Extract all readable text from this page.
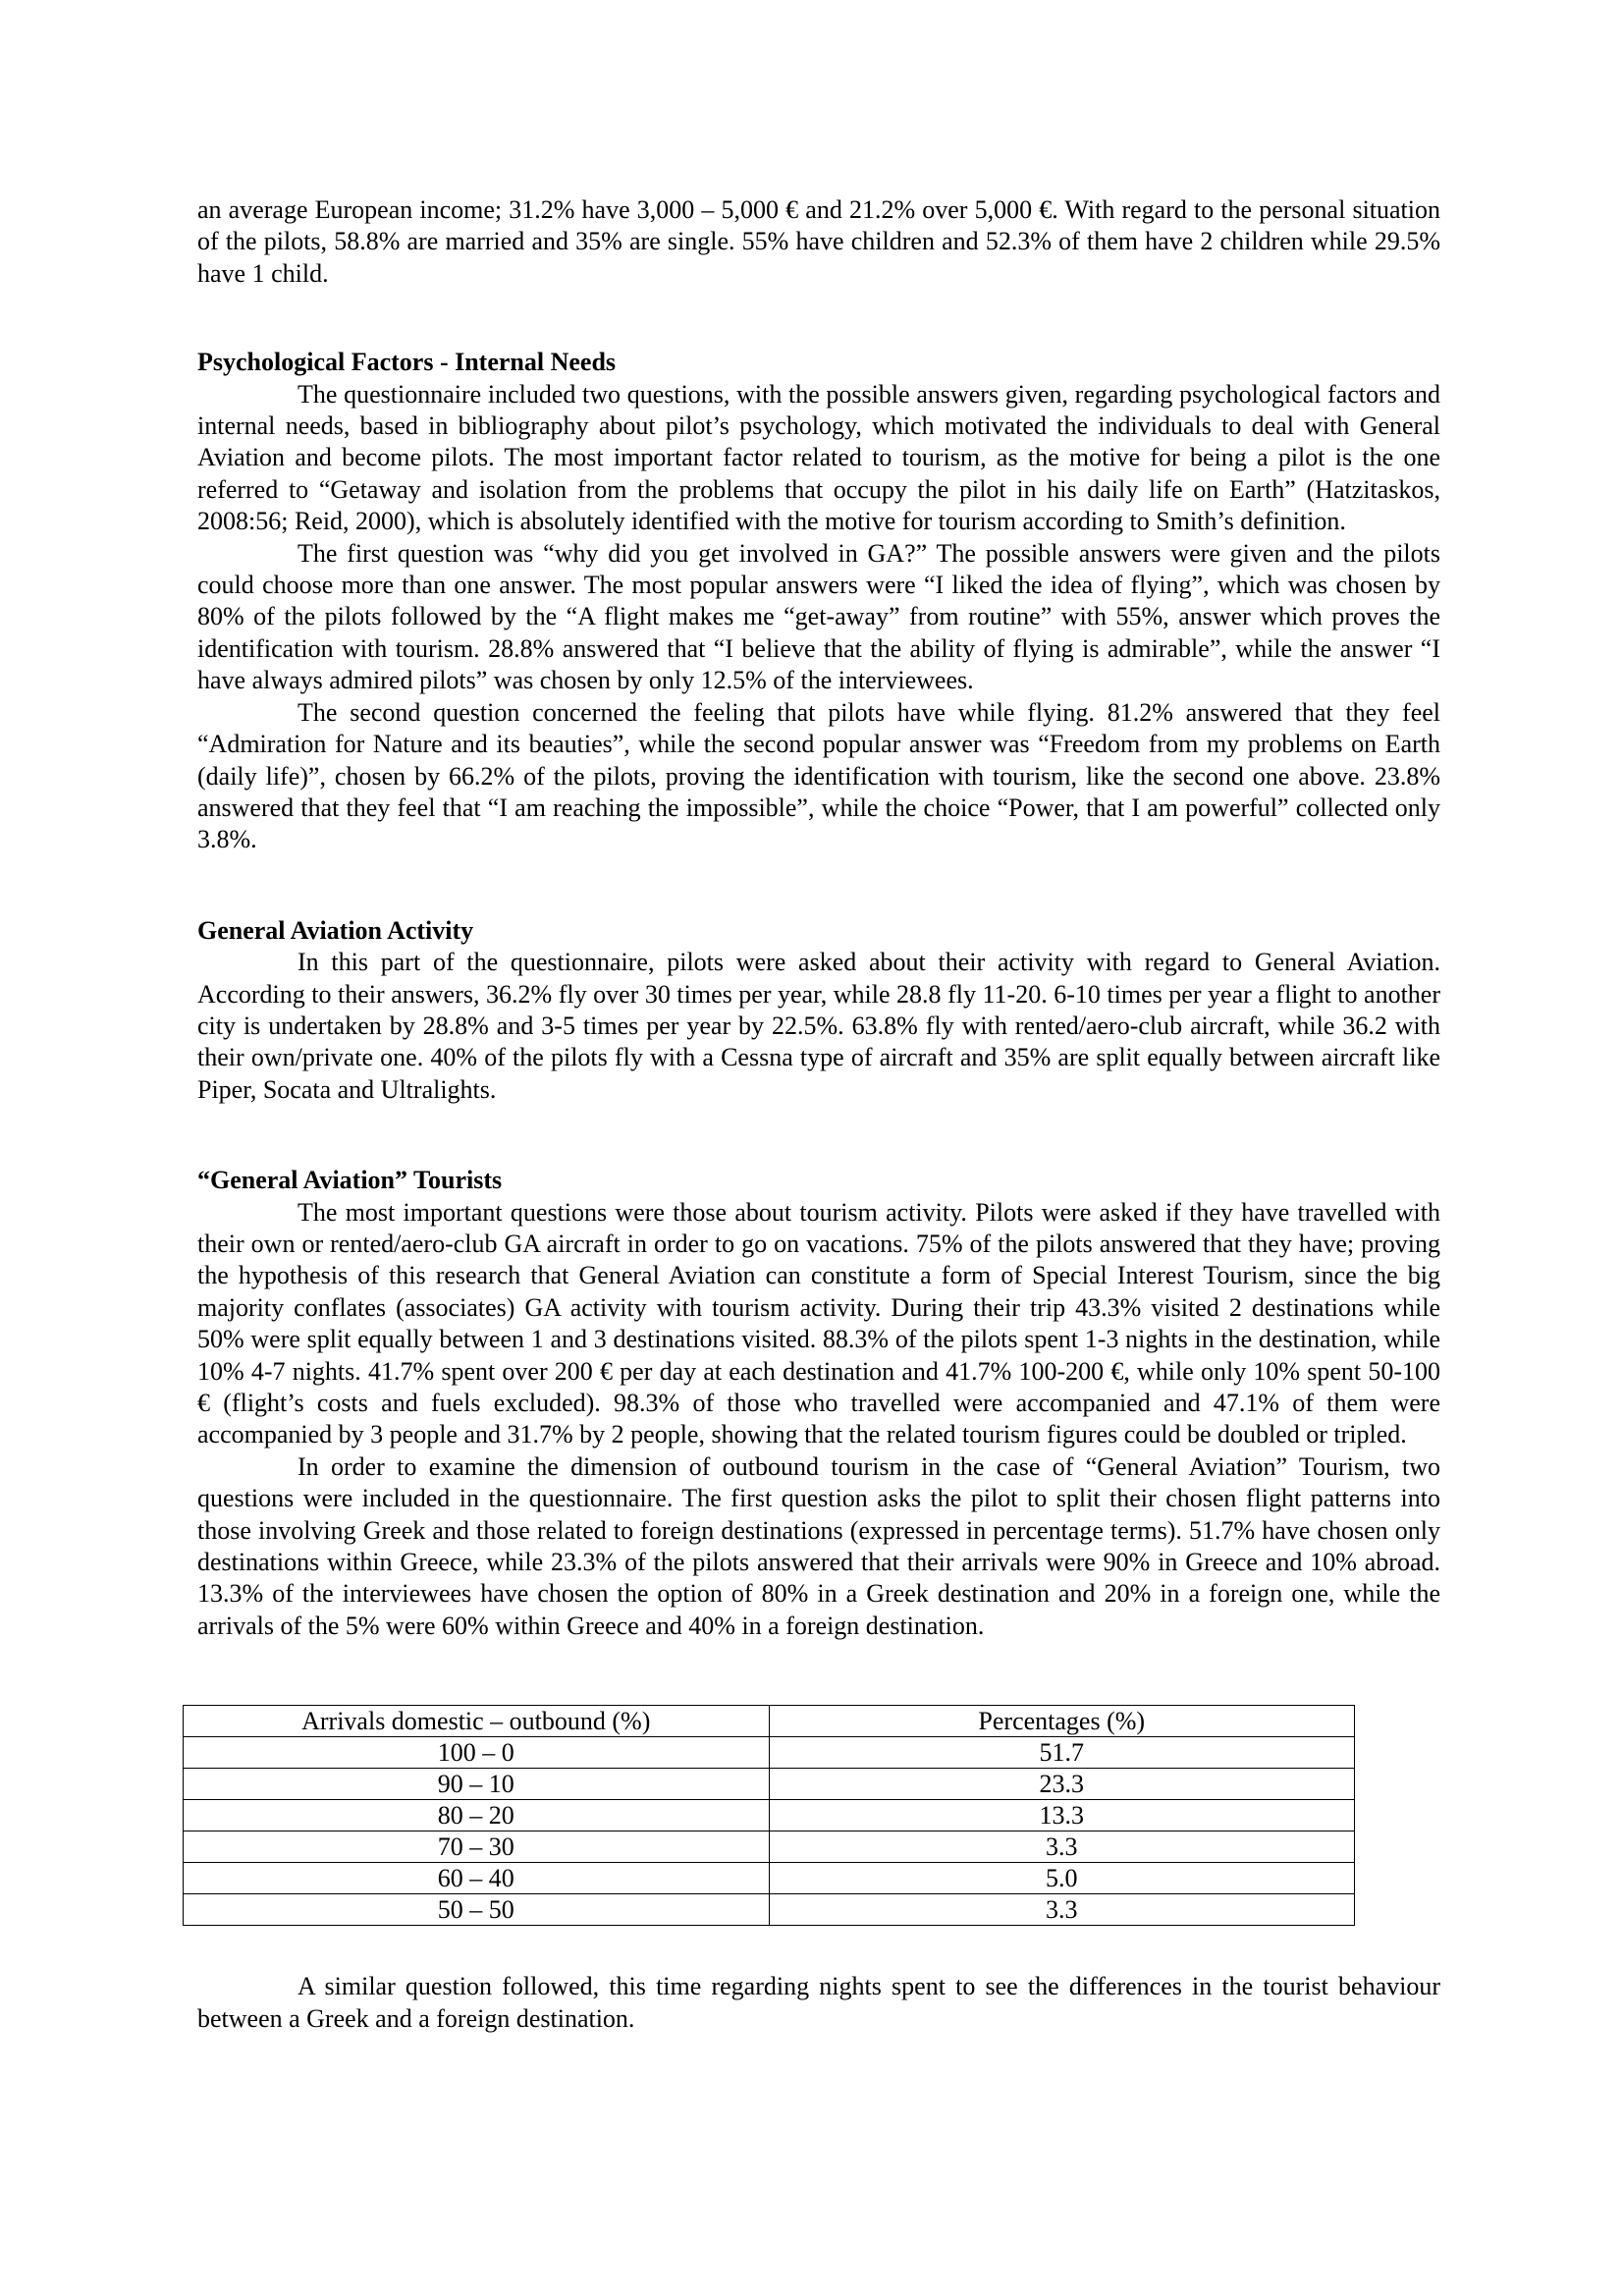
an average European income; 31.2% have 3,000 – 5,000 € and 21.2% over 5,000 €. With regard to the personal situation of the pilots, 58.8% are married and 35% are single. 55% have children and 52.3% of them have 2 children while 29.5% have 1 child.

Psychological Factors - Internal Needs

The questionnaire included two questions, with the possible answers given, regarding psychological factors and internal needs, based in bibliography about pilot’s psychology, which motivated the individuals to deal with General Aviation and become pilots. The most important factor related to tourism, as the motive for being a pilot is the one referred to “Getaway and isolation from the problems that occupy the pilot in his daily life on Earth” (Hatzitaskos, 2008:56; Reid, 2000), which is absolutely identified with the motive for tourism according to Smith’s definition.

The first question was “why did you get involved in GA?” The possible answers were given and the pilots could choose more than one answer. The most popular answers were “I liked the idea of flying”, which was chosen by 80% of the pilots followed by the “A flight makes me “get-away” from routine” with 55%, answer which proves the identification with tourism. 28.8% answered that “I believe that the ability of flying is admirable”, while the answer “I have always admired pilots” was chosen by only 12.5% of the interviewees.

The second question concerned the feeling that pilots have while flying. 81.2% answered that they feel “Admiration for Nature and its beauties”, while the second popular answer was “Freedom from my problems on Earth (daily life)”, chosen by 66.2% of the pilots, proving the identification with tourism, like the second one above. 23.8% answered that they feel that “I am reaching the impossible”, while the choice “Power, that I am powerful” collected only 3.8%.

General Aviation Activity

In this part of the questionnaire, pilots were asked about their activity with regard to General Aviation. According to their answers, 36.2% fly over 30 times per year, while 28.8 fly 11-20. 6-10 times per year a flight to another city is undertaken by 28.8% and 3-5 times per year by 22.5%. 63.8% fly with rented/aero-club aircraft, while 36.2 with their own/private one. 40% of the pilots fly with a Cessna type of aircraft and 35% are split equally between aircraft like Piper, Socata and Ultralights.

“General Aviation” Tourists

The most important questions were those about tourism activity. Pilots were asked if they have travelled with their own or rented/aero-club GA aircraft in order to go on vacations. 75% of the pilots answered that they have; proving the hypothesis of this research that General Aviation can constitute a form of Special Interest Tourism, since the big majority conflates (associates) GA activity with tourism activity. During their trip 43.3% visited 2 destinations while 50% were split equally between 1 and 3 destinations visited. 88.3% of the pilots spent 1-3 nights in the destination, while 10% 4-7 nights. 41.7% spent over 200 € per day at each destination and 41.7% 100-200 €, while only 10% spent 50-100 € (flight’s costs and fuels excluded). 98.3% of those who travelled were accompanied and 47.1% of them were accompanied by 3 people and 31.7% by 2 people, showing that the related tourism figures could be doubled or tripled.

In order to examine the dimension of outbound tourism in the case of “General Aviation” Tourism, two questions were included in the questionnaire. The first question asks the pilot to split their chosen flight patterns into those involving Greek and those related to foreign destinations (expressed in percentage terms). 51.7% have chosen only destinations within Greece, while 23.3% of the pilots answered that their arrivals were 90% in Greece and 10% abroad. 13.3% of the interviewees have chosen the option of 80% in a Greek destination and 20% in a foreign one, while the arrivals of the 5% were 60% within Greece and 40% in a foreign destination.

Arrivals domestic – outbound (%)	Percentages (%)
100 – 0	51.7
90 – 10	23.3
80 – 20	13.3
70 – 30	3.3
60 – 40	5.0
50 – 50	3.3

A similar question followed, this time regarding nights spent to see the differences in the tourist behaviour between a Greek and a foreign destination.
